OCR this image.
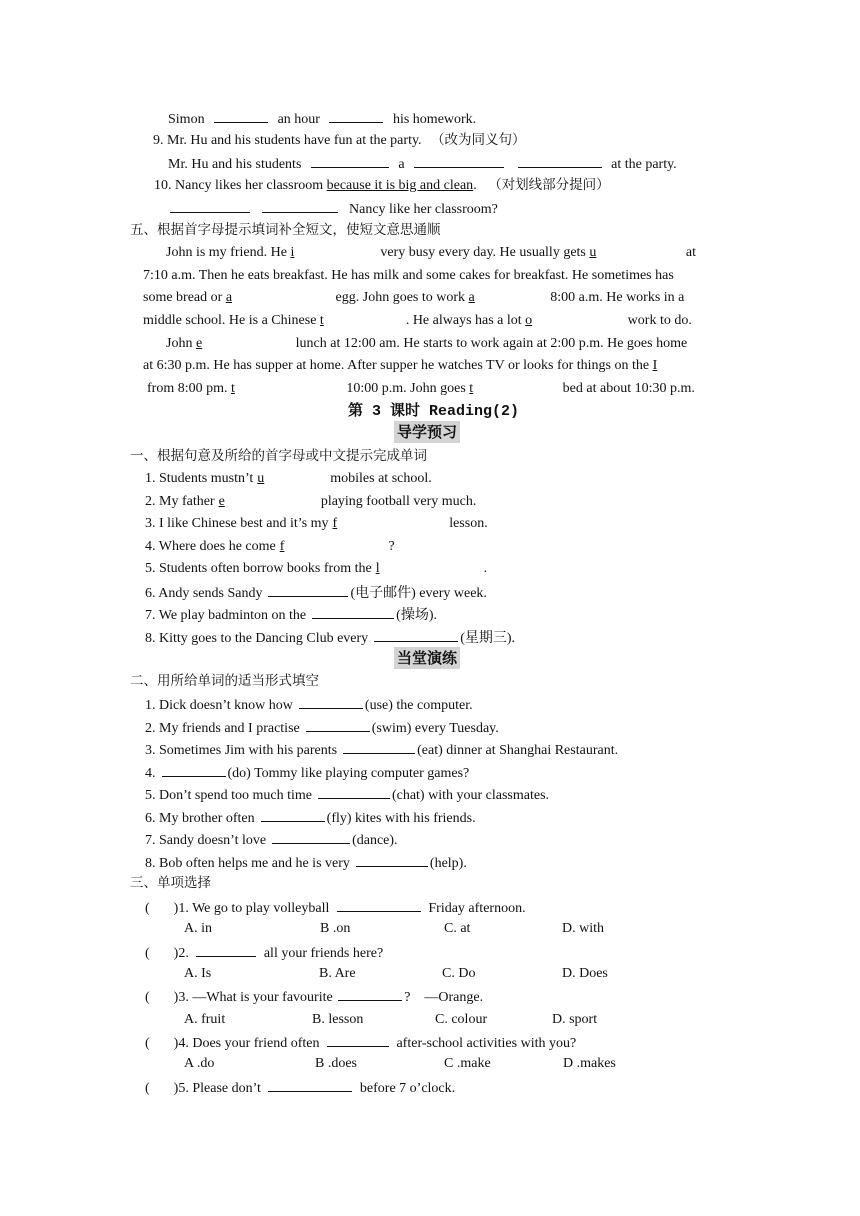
Simon	an hour	his homework.
9. Mr. Hu and his students have fun at the party. （改为同义句）
Mr. Hu and his students	a	at the party.
10. Nancy likes her classroom because it is big and clean. （对划线部分提问）
Nancy like her classroom?
五、根据首字母提示填词补全短文，使短文意思通顺
John is my friend. He i	very busy every day. He usually gets u	at
7:10 a.m. Then he eats breakfast. He has milk and some cakes for breakfast. He sometimes has
some bread or a	egg. John goes to work a	8:00 a.m. He works in a
middle school. He is a Chinese t	. He always has a lot o	work to do.
John e	lunch at 12:00 am. He starts to work again at 2:00 p.m. He goes home
at 6:30 p.m. He has supper at home. After supper he watches TV or looks for things on the I
from 8:00 pm. t	10:00 p.m. John goes t	bed at about 10:30 p.m.
第 3 课时 Reading(2)
导学预习
一、根据句意及所给的首字母或中文提示完成单词
1. Students mustn’t u	mobiles at school.
2. My father e	playing football very much.
3. I like Chinese best and it’s my f	lesson.
4. Where does he come f	?
5. Students often borrow books from the l	.
6. Andy sends Sandy	(电子邮件) every week.
7. We play badminton on the	(操场).
8. Kitty goes to the Dancing Club every	(星期三).
当堂演练
二、用所给单词的适当形式填空
1. Dick doesn’t know how	(use) the computer.
2. My friends and I practise	(swim) every Tuesday.
3. Sometimes Jim with his parents	(eat) dinner at Shanghai Restaurant.
4.	(do) Tommy like playing computer games?
5. Don’t spend too much time	(chat) with your classmates.
6. My brother often	(fly) kites with his friends.
7. Sandy doesn’t love	(dance).
8. Bob often helps me and he is very	(help).
三、单项选择
( )1. We go to play volleyball	Friday afternoon.
A. in	B .on	C. at	D. with
( )2.	all your friends here?
A. Is	B. Are	C. Do	D. Does
( )3. —What is your favourite	?    —Orange.
A. fruit	B. lesson	C. colour	D. sport
( )4. Does your friend often	after-school activities with you?
A .do	B .does	C .make	D .makes
( )5. Please don’t	before 7 o’clock.
